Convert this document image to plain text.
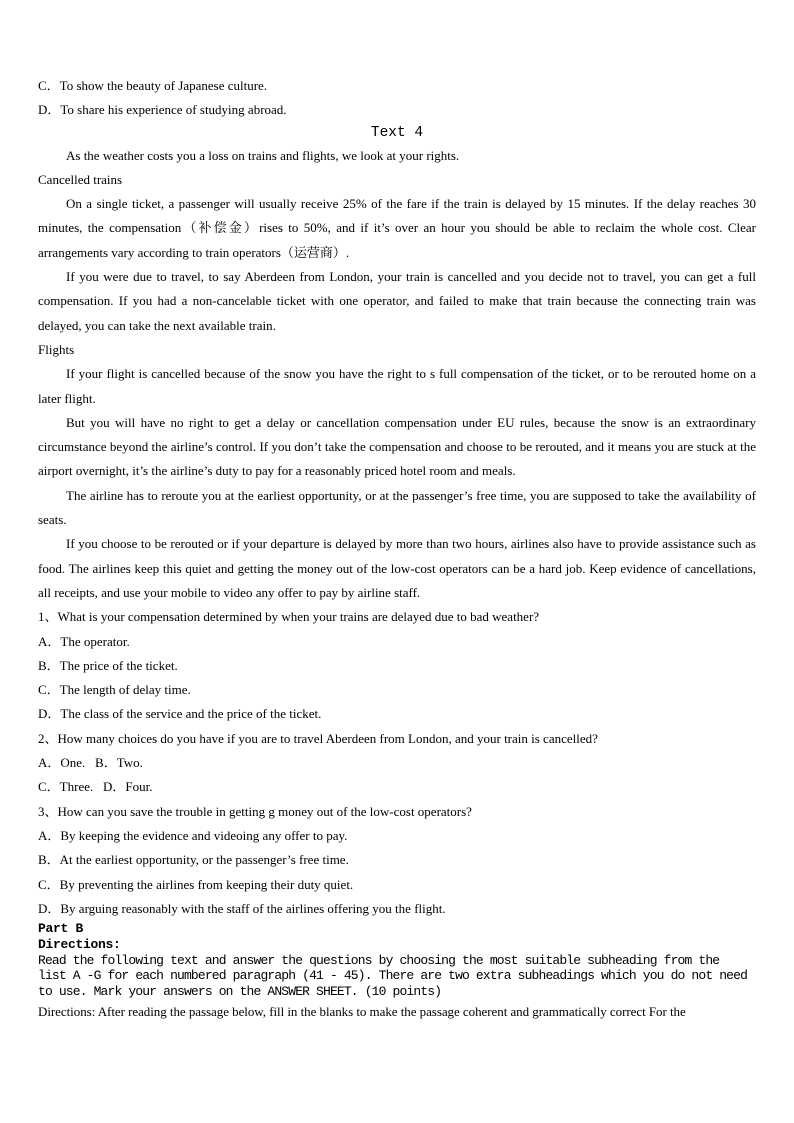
C．To show the beauty of Japanese culture.

D．To share his experience of studying abroad.

Text 4

As the weather costs you a loss on trains and flights, we look at your rights.

Cancelled trains

On a single ticket, a passenger will usually receive 25% of the fare if the train is delayed by 15 minutes. If the delay reaches 30 minutes, the compensation（补偿金）rises to 50%, and if it’s over an hour you should be able to reclaim the whole cost. Clear arrangements vary according to train operators（运营商）.

If you were due to travel, to say Aberdeen from London, your train is cancelled and you decide not to travel, you can get a full compensation. If you had a non-cancelable ticket with one operator, and failed to make that train because the connecting train was delayed, you can take the next available train.

Flights

If your flight is cancelled because of the snow you have the right to s full compensation of the ticket, or to be rerouted home on a later flight.

But you will have no right to get a delay or cancellation compensation under EU rules, because the snow is an extraordinary circumstance beyond the airline’s control. If you don’t take the compensation and choose to be rerouted, and it means you are stuck at the airport overnight, it’s the airline’s duty to pay for a reasonably priced hotel room and meals.

The airline has to reroute you at the earliest opportunity, or at the passenger’s free time, you are supposed to take the availability of seats.

If you choose to be rerouted or if your departure is delayed by more than two hours, airlines also have to provide assistance such as food. The airlines keep this quiet and getting the money out of the low-cost operators can be a hard job. Keep evidence of cancellations, all receipts, and use your mobile to video any offer to pay by airline staff.

1、What is your compensation determined by when your trains are delayed due to bad weather?

A．The operator.

B．The price of the ticket.

C．The length of delay time.

D．The class of the service and the price of the ticket.

2、How many choices do you have if you are to travel Aberdeen from London, and your train is cancelled?

A．One.   B．Two.

C．Three.   D．Four.

3、How can you save the trouble in getting g money out of the low-cost operators?

A．By keeping the evidence and videoing any offer to pay.

B．At the earliest opportunity, or the passenger’s free time.

C．By preventing the airlines from keeping their duty quiet.

D．By arguing reasonably with the staff of the airlines offering you the flight.

Part B

Directions:

Read the following text and answer the questions by choosing the most suitable subheading from the

list A -G for each numbered paragraph (41 - 45). There are two extra subheadings which you do not need

to use. Mark your answers on the ANSWER SHEET. (10 points)

Directions: After reading the passage below, fill in the blanks to make the passage coherent and grammatically correct For the
